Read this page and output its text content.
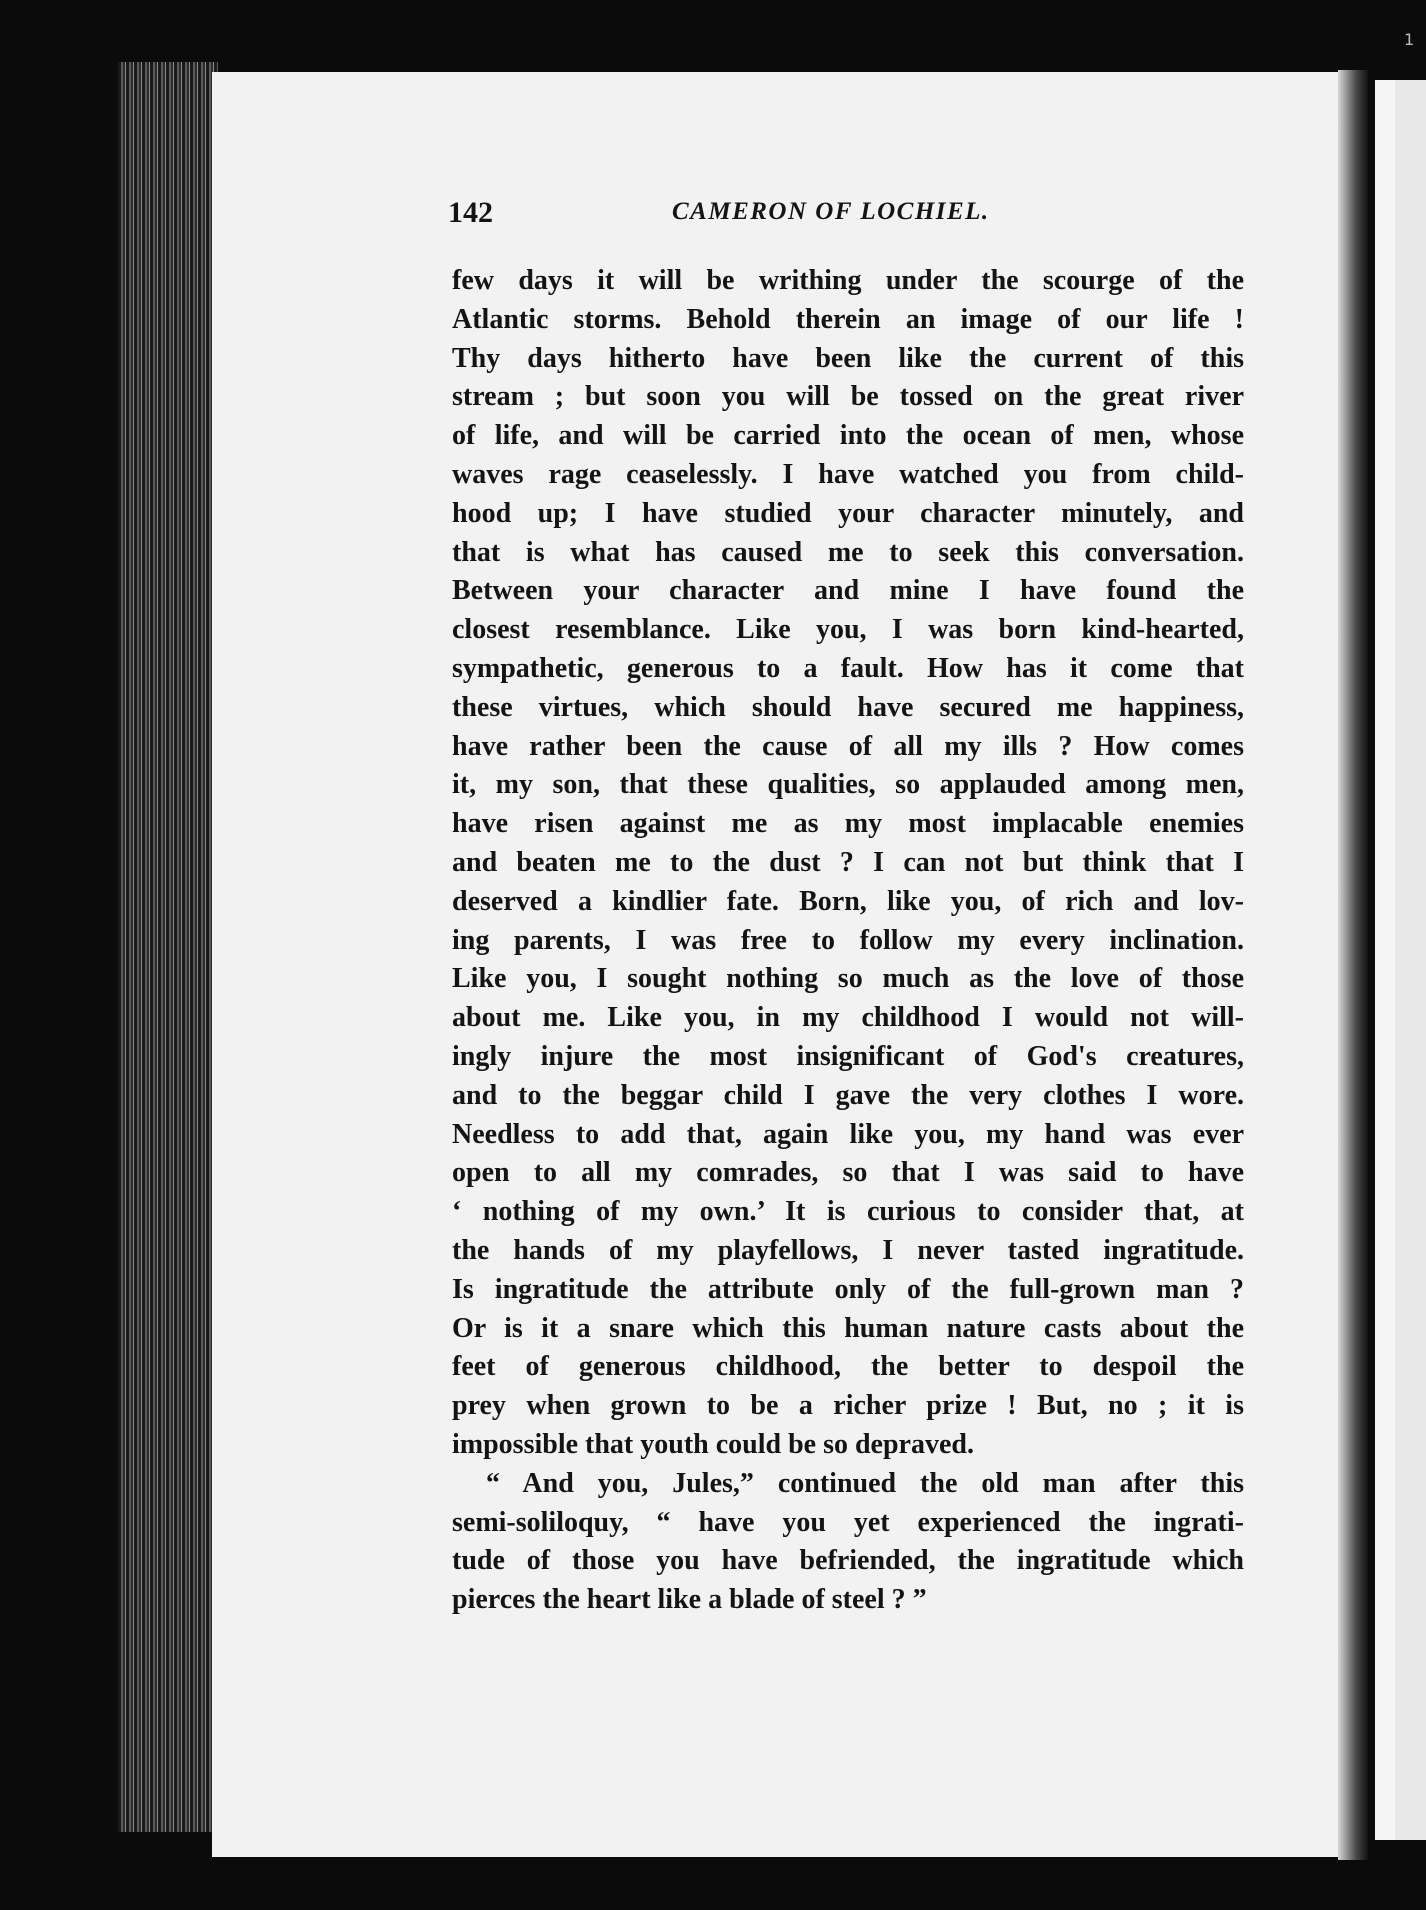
1
142	CAMERON OF LOCHIEL.
few days it will be writhing under the scourge of the
Atlantic storms. Behold therein an image of our life !
Thy days hitherto have been like the current of this
stream ; but soon you will be tossed on the great river
of life, and will be carried into the ocean of men, whose
waves rage ceaselessly. I have watched you from child-
hood up; I have studied your character minutely, and
that is what has caused me to seek this conversation.
Between your character and mine I have found the
closest resemblance. Like you, I was born kind-hearted,
sympathetic, generous to a fault. How has it come that
these virtues, which should have secured me happiness,
have rather been the cause of all my ills ? How comes
it, my son, that these qualities, so applauded among men,
have risen against me as my most implacable enemies
and beaten me to the dust ? I can not but think that I
deserved a kindlier fate. Born, like you, of rich and lov-
ing parents, I was free to follow my every inclination.
Like you, I sought nothing so much as the love of those
about me. Like you, in my childhood I would not will-
ingly injure the most insignificant of God's creatures,
and to the beggar child I gave the very clothes I wore.
Needless to add that, again like you, my hand was ever
open to all my comrades, so that I was said to have
‘ nothing of my own.’ It is curious to consider that, at
the hands of my playfellows, I never tasted ingratitude.
Is ingratitude the attribute only of the full-grown man ?
Or is it a snare which this human nature casts about the
feet of generous childhood, the better to despoil the
prey when grown to be a richer prize ! But, no ; it is
impossible that youth could be so depraved.
“ And you, Jules,” continued the old man after this
semi-soliloquy, “ have you yet experienced the ingrati-
tude of those you have befriended, the ingratitude which
pierces the heart like a blade of steel ? ”
